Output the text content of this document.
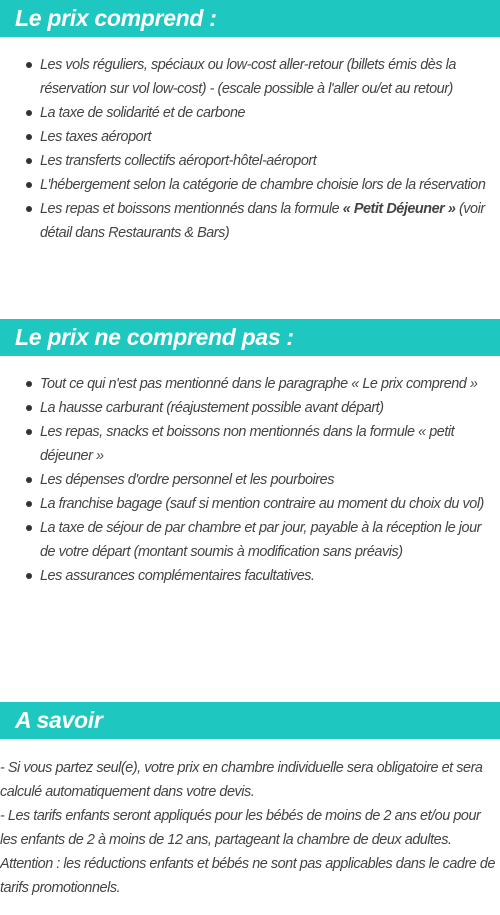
Le prix comprend :
Les vols réguliers, spéciaux ou low-cost aller-retour (billets émis dès la réservation sur vol low-cost) - (escale possible à l'aller ou/et au retour)
La taxe de solidarité et de carbone
Les taxes aéroport
Les transferts collectifs aéroport-hôtel-aéroport
L'hébergement selon la catégorie de chambre choisie lors de la réservation
Les repas et boissons mentionnés dans la formule « Petit Déjeuner » (voir détail dans Restaurants & Bars)
Le prix ne comprend pas :
Tout ce qui n'est pas mentionné dans le paragraphe « Le prix comprend »
La hausse carburant (réajustement possible avant départ)
Les repas, snacks et boissons non mentionnés dans la formule « petit déjeuner »
Les dépenses d'ordre personnel et les pourboires
La franchise bagage (sauf si mention contraire au moment du choix du vol)
La taxe de séjour de par chambre et par jour, payable à la réception le jour de votre départ (montant soumis à modification sans préavis)
Les assurances complémentaires facultatives.
A savoir

- Si vous partez seul(e), votre prix en chambre individuelle sera obligatoire et sera calculé automatiquement dans votre devis.

- Les tarifs enfants seront appliqués pour les bébés de moins de 2 ans et/ou pour les enfants de 2 à moins de 12 ans, partageant la chambre de deux adultes. Attention : les réductions enfants et bébés ne sont pas applicables dans le cadre de tarifs promotionnels.
